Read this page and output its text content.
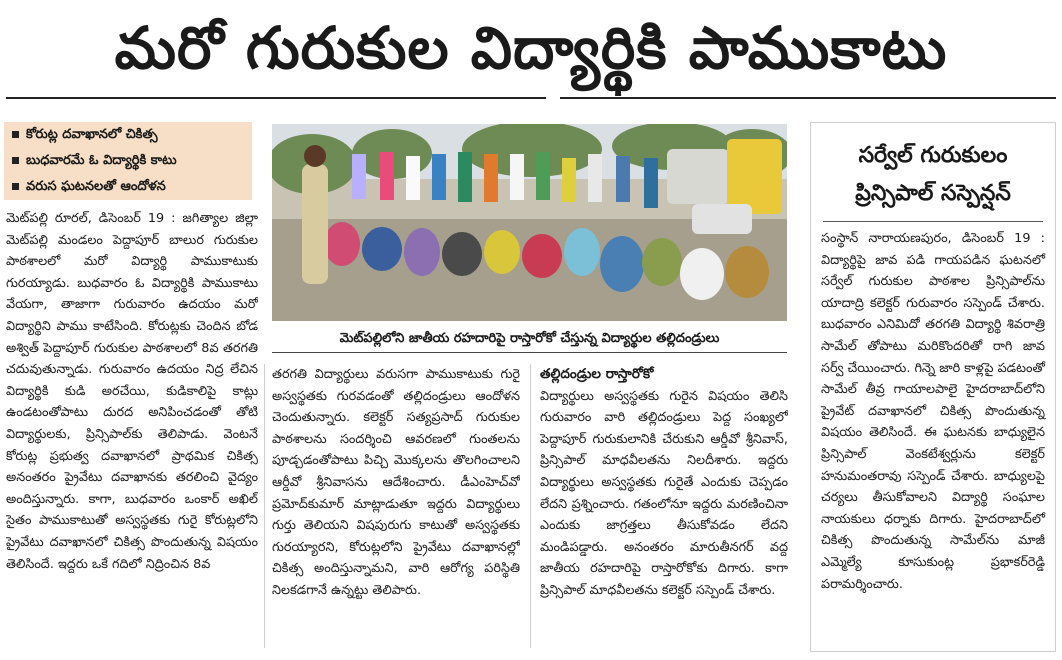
మరో గురుకుల విద్యార్థికి పాముకాటు
కోరుట్ల దవాఖానలో చికిత్స
బుధవారమే ఓ విద్యార్థికి కాటు
వరుస ఘటనలతో ఆందోళన
మెట్‌పల్లిలోని జాతీయ రహదారిపై రాస్తారోకో చేస్తున్న విద్యార్థుల తల్లిదండ్రులు

మెట్‌పల్లి రూరల్, డిసెంబర్ 19 : జగిత్యాల జిల్లా మెట్‌పల్లి మండలం పెద్దాపూర్ బాలుర గురుకుల పాఠశాలలో మరో విద్యార్థి పాముకాటుకు గురయ్యాడు. బుధవారం ఓ విద్యార్థికి పాముకాటు వేయగా, తాజాగా గురువారం ఉదయం మరో విద్యార్థిని పాము కాటేసింది. కోరుట్లకు చెందిన బోడ అశ్విత్ పెద్దాపూర్ గురుకుల పాఠశాలలో 8వ తరగతి చదువుతున్నాడు. గురువారం ఉదయం నిద్ర లేచిన విద్యార్థికి కుడి అరచేయి, కుడికాలిపై కాట్లు ఉండటంతోపాటు దురద అనిపించడంతో తోటి విద్యార్థులకు, ప్రిన్సిపాల్‌కు తెలిపాడు. వెంటనే కోరుట్ల ప్రభుత్వ దవాఖానలో ప్రాథమిక చికిత్స అనంతరం ప్రైవేటు దవాఖానకు తరలించి వైద్యం అందిస్తున్నారు. కాగా, బుధవారం ఒంకార్ అఖిల్ సైతం పాముకాటుతో అస్వస్థతకు గురై కోరుట్లలోని ప్రైవేటు దవాఖానలో చికిత్స పొందుతున్న విషయం తెలిసిందే. ఇద్దరు ఒకే గదిలో నిద్రించిన 8వ

తరగతి విద్యార్థులు వరుసగా పాముకాటుకు గురై అస్వస్థతకు గురవడంతో తల్లిదండ్రులు ఆందోళన చెందుతున్నారు. కలెక్టర్ సత్యప్రసాద్ గురుకుల పాఠశాలను సందర్శించి ఆవరణలో గుంతలను పూడ్చడంతోపాటు పిచ్చి మొక్కలను తొలగించాలని ఆర్డీవో శ్రీనివాసను ఆదేశించారు. డీఎంహెచ్‌వో ప్రమోద్‌కుమార్ మాట్లాడుతూ ఇద్దరు విద్యార్థులు గుర్తు తెలియని విషపురుగు కాటుతో అస్వస్థతకు గురయ్యారని, కోరుట్లలోని ప్రైవేటు దవాఖానల్లో చికిత్స అందిస్తున్నామని, వారి ఆరోగ్య పరిస్థితి నిలకడగానే ఉన్నట్టు తెలిపారు.

తల్లిదండ్రుల రాస్తారోకో

విద్యార్థులు అస్వస్థతకు గురైన విషయం తెలిసి గురువారం వారి తల్లిదండ్రులు పెద్ద సంఖ్యలో పెద్దాపూర్ గురుకులానికి చేరుకుని ఆర్డీవో శ్రీనివాస్, ప్రిన్సిపాల్ మాధవీలతను నిలదీశారు. ఇద్దరు విద్యార్థులు అస్వస్థతకు గురైతే ఎందుకు చెప్పడం లేదని ప్రశ్నించారు. గతంలోనూ ఇద్దరు మరణించినా ఎందుకు జాగ్రత్తలు తీసుకోవడం లేదని మండిపడ్డారు. అనంతరం మారుతీనగర్ వద్ద జాతీయ రహదారిపై రాస్తారోకోకు దిగారు. కాగా ప్రిన్సిపాల్ మాధవీలతను కలెక్టర్ సస్పెండ్ చేశారు.

సర్వేల్ గురుకులం
ప్రిన్సిపాల్ సస్పెన్షన్
సంస్థాన్ నారాయణపురం, డిసెంబర్ 19 : విద్యార్థిపై జావ పడి గాయపడిన ఘటనలో సర్వేల్ గురుకుల పాఠశాల ప్రిన్సిపాల్‌ను యాదాద్రి కలెక్టర్ గురువారం సస్పెండ్ చేశారు. బుధవారం ఎనిమిదో తరగతి విద్యార్థి శివరాత్రి సామేల్ తోపాటు మరికొందరితో రాగి జావ సర్వ్ చేయించారు. గిన్నె జారి కాళ్లపై పడటంతో సామేల్ తీవ్ర గాయాలపాలై హైదరాబాద్‌లోని ప్రైవేట్ దవాఖానలో చికిత్స పొందుతున్న విషయం తెలిసిందే. ఈ ఘటనకు బాధ్యులైన ప్రిన్సిపాల్ వెంకటేశ్వర్లును కలెక్టర్ హనుమంతరావు సస్పెండ్ చేశారు. బాధ్యులపై చర్యలు తీసుకోవాలని విద్యార్థి సంఘాల నాయకులు ధర్నాకు దిగారు. హైదరాబాద్‌లో చికిత్స పొందుతున్న సామేల్‌ను మాజీ ఎమ్మెల్యే కూసుకుంట్ల ప్రభాకర్‌రెడ్డి పరామర్శించారు.
